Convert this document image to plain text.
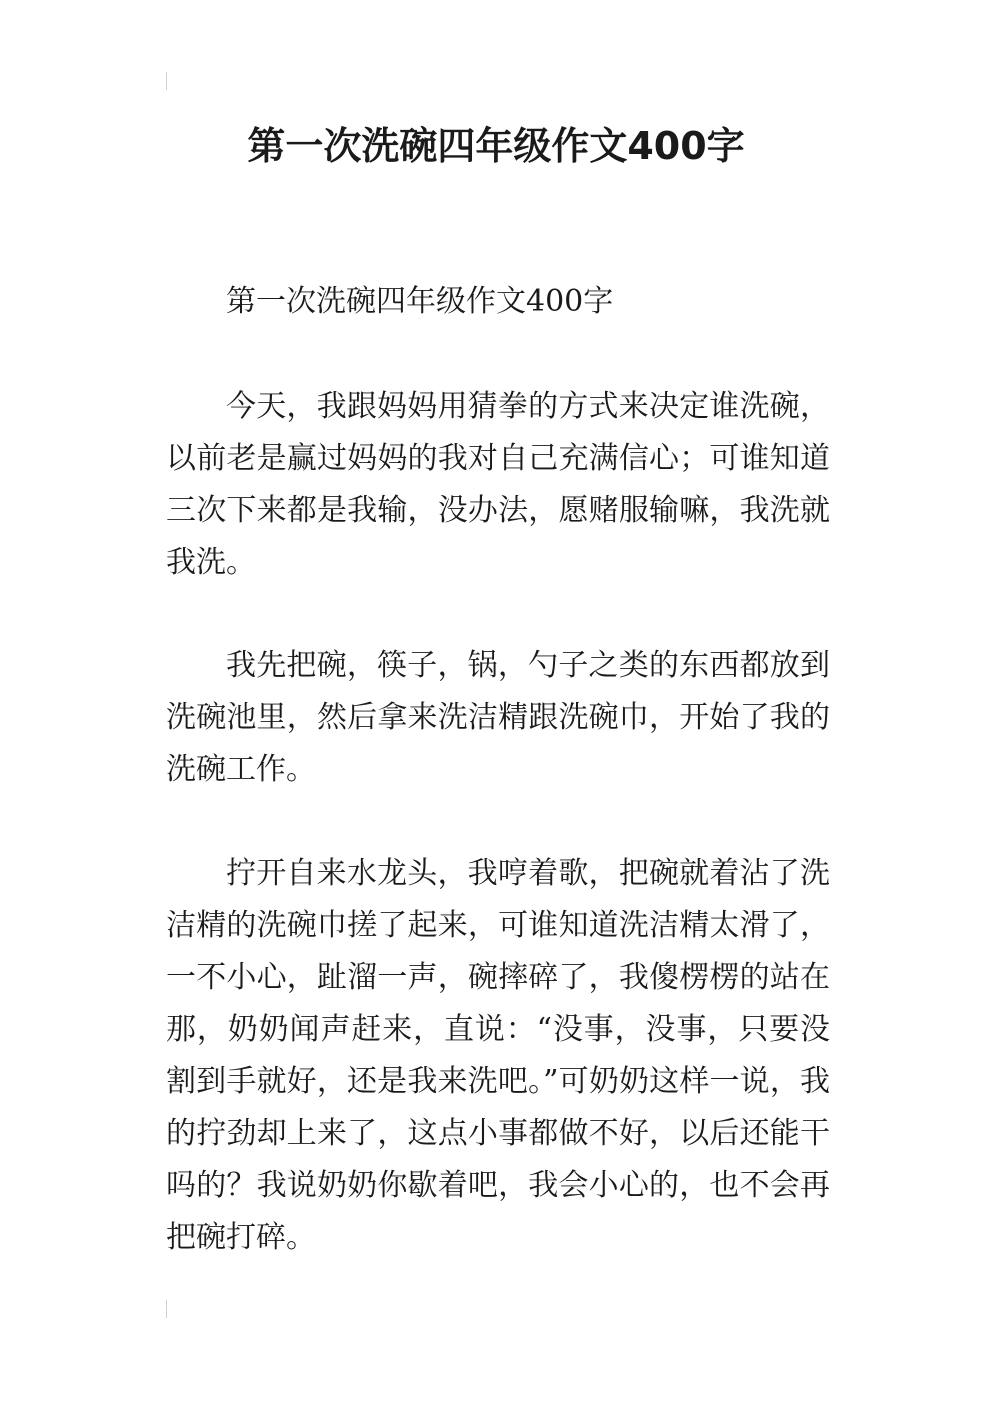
第一次洗碗四年级作文400字

第一次洗碗四年级作文400字

今天，我跟妈妈用猜拳的方式来决定谁洗碗，以前老是赢过妈妈的我对自己充满信心；可谁知道三次下来都是我输，没办法，愿赌服输嘛，我洗就我洗。

我先把碗，筷子，锅，勺子之类的东西都放到洗碗池里，然后拿来洗洁精跟洗碗巾，开始了我的洗碗工作。

拧开自来水龙头，我哼着歌，把碗就着沾了洗洁精的洗碗巾搓了起来，可谁知道洗洁精太滑了，一不小心，趾溜一声，碗摔碎了，我傻楞楞的站在那，奶奶闻声赶来，直说：“没事，没事，只要没割到手就好，还是我来洗吧。”可奶奶这样一说，我的拧劲却上来了，这点小事都做不好，以后还能干吗的？我说奶奶你歇着吧，我会小心的，也不会再把碗打碎。
